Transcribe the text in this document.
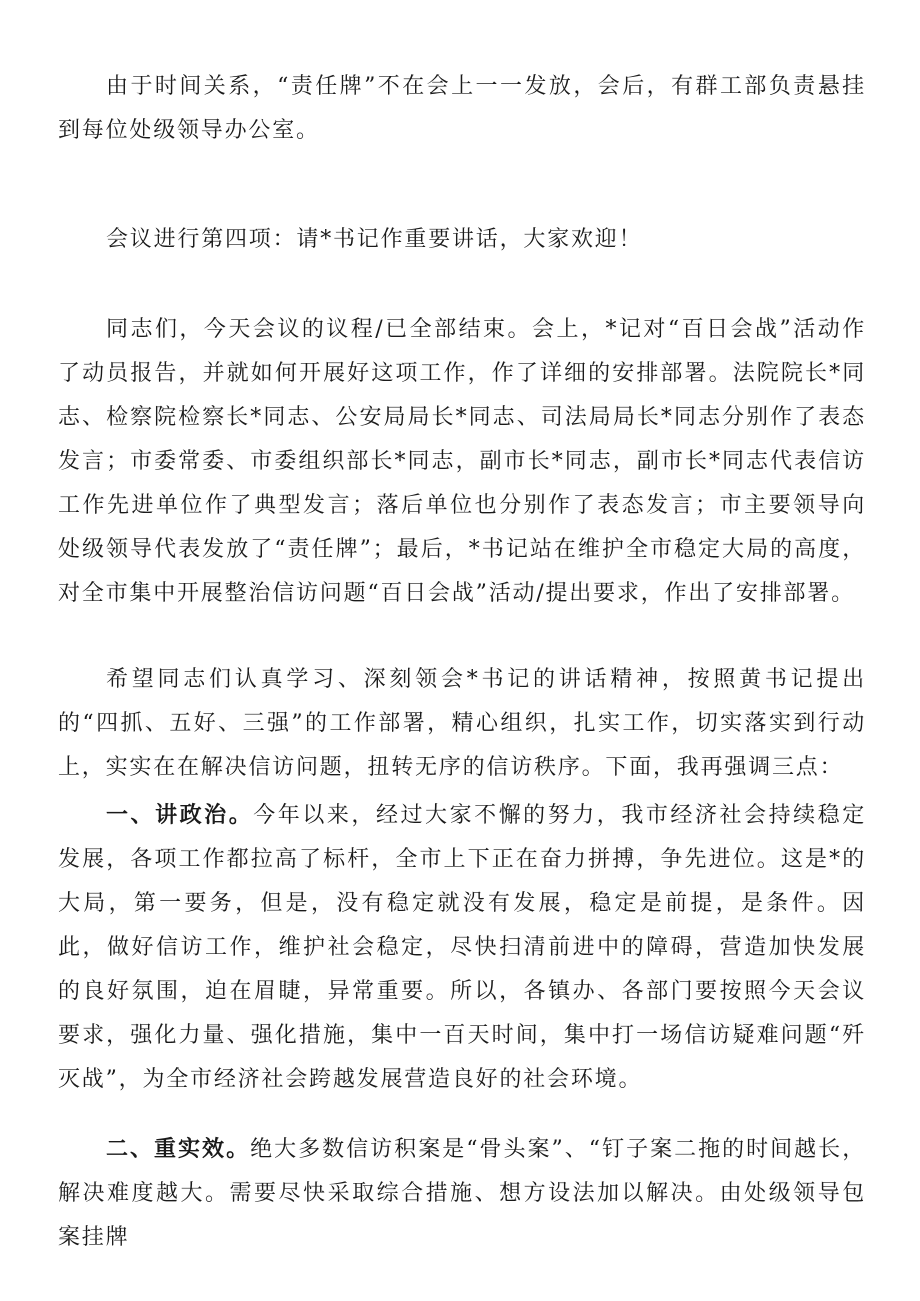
由于时间关系，“责任牌”不在会上一一发放，会后，有群工部负责悬挂到每位处级领导办公室。

会议进行第四项：请*书记作重要讲话，大家欢迎！

同志们，今天会议的议程/已全部结束。会上，*记对“百日会战”活动作了动员报告，并就如何开展好这项工作，作了详细的安排部署。法院院长*同志、检察院检察长*同志、公安局局长*同志、司法局局长*同志分别作了表态发言；市委常委、市委组织部长*同志，副市长*同志，副市长*同志代表信访工作先进单位作了典型发言；落后单位也分别作了表态发言；市主要领导向处级领导代表发放了“责任牌”；最后，*书记站在维护全市稳定大局的高度，对全市集中开展整治信访问题“百日会战”活动/提出要求，作出了安排部署。

希望同志们认真学习、深刻领会*书记的讲话精神，按照黄书记提出的“四抓、五好、三强”的工作部署，精心组织，扎实工作，切实落实到行动上，实实在在解决信访问题，扭转无序的信访秩序。下面，我再强调三点：

一、讲政治。今年以来，经过大家不懈的努力，我市经济社会持续稳定发展，各项工作都拉高了标杆，全市上下正在奋力拼搏，争先进位。这是*的大局，第一要务，但是，没有稳定就没有发展，稳定是前提，是条件。因此，做好信访工作，维护社会稳定，尽快扫清前进中的障碍，营造加快发展的良好氛围，迫在眉睫，异常重要。所以，各镇办、各部门要按照今天会议要求，强化力量、强化措施，集中一百天时间，集中打一场信访疑难问题“歼灭战”，为全市经济社会跨越发展营造良好的社会环境。

二、重实效。绝大多数信访积案是“骨头案”、“钉子案二拖的时间越长，解决难度越大。需要尽快采取综合措施、想方设法加以解决。由处级领导包案挂牌
